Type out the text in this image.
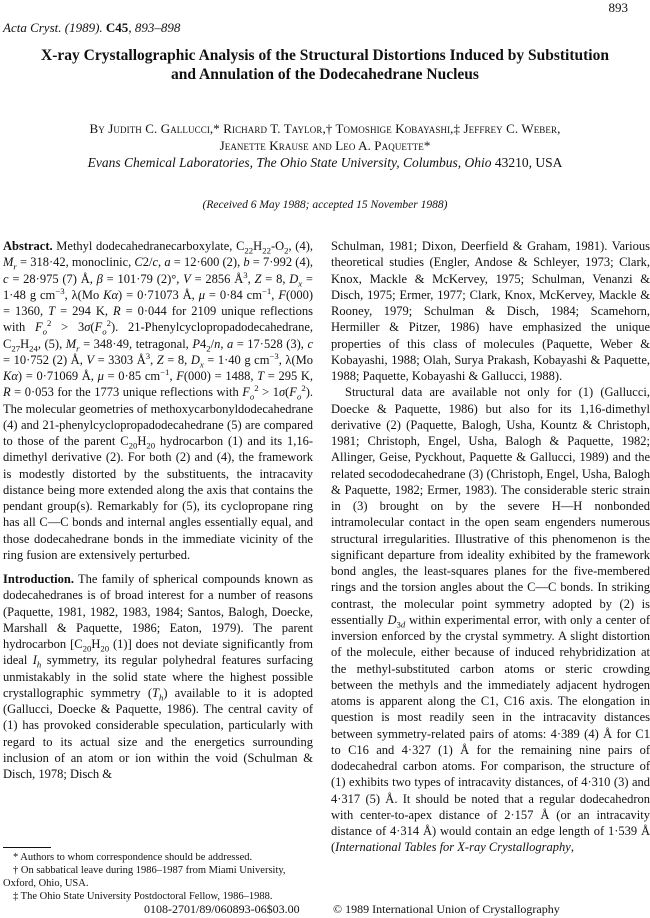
893
Acta Cryst. (1989). C45, 893–898
X-ray Crystallographic Analysis of the Structural Distortions Induced by Substitution
and Annulation of the Dodecahedrane Nucleus
By Judith C. Gallucci,* Richard T. Taylor,† Tomoshige Kobayashi,‡ Jeffrey C. Weber,
Jeanette Krause and Leo A. Paquette*
Evans Chemical Laboratories, The Ohio State University, Columbus, Ohio 43210, USA
(Received 6 May 1988; accepted 15 November 1988)

Abstract. Methyl dodecahedranecarboxylate, $C_{22}H_{22}-O_2$, (4), $M_r = 318\cdot 42$, monoclinic, C2/c, a = 12·600 (2), b = 7·992 (4), c = 28·975 (7) Å, β = 101·79 (2)°, V = 2856 $Å^3$, Z = 8, $D_x = 1\cdot 48$ g $cm^{-3}$, λ(Mo Kα) = 0·71073 Å, μ = 0·84 $cm^{-1}$, F(000) = 1360, T = 294 K, R = 0·044 for 2109 unique reflections with $F_o^2 > 3\sigma(F_o^2)$. 21-Phenylcyclopropadodecahedrane, $C_{27}H_{24}$, (5), $M_r = 348\cdot 49$, tetragonal, $P4_2/n$, a = 17·528 (3), c = 10·752 (2) Å, V = 3303 $Å^3$, Z = 8, $D_x = 1\cdot 40$ g $cm^{-3}$, λ(Mo Kα) = 0·71069 Å, μ = 0·85 $cm^{-1}$, F(000) = 1488, T = 295 K, R = 0·053 for the 1773 unique reflections with $F_o^2 > 1\sigma(F_o^2)$. The molecular geometries of methoxycarbonyldodecahedrane (4) and 21-phenylcyclopropadodecahedrane (5) are compared to those of the parent $C_{20}H_{20}$ hydrocarbon (1) and its 1,16-dimethyl derivative (2). For both (2) and (4), the framework is modestly distorted by the substituents, the intracavity distance being more extended along the axis that contains the pendant group(s). Remarkably for (5), its cyclopropane ring has all C—C bonds and internal angles essentially equal, and those dodecahedrane bonds in the immediate vicinity of the ring fusion are extensively perturbed.

Introduction. The family of spherical compounds known as dodecahedranes is of broad interest for a number of reasons (Paquette, 1981, 1982, 1983, 1984; Santos, Balogh, Doecke, Marshall & Paquette, 1986; Eaton, 1979). The parent hydrocarbon [$C_{20}H_{20}$ (1)] does not deviate significantly from ideal $I_h$ symmetry, its regular polyhedral features surfacing unmistakably in the solid state where the highest possible crystallographic symmetry $(T_h)$ available to it is adopted (Gallucci, Doecke & Paquette, 1986). The central cavity of (1) has provoked considerable speculation, particularly with regard to its actual size and the energetics surrounding inclusion of an atom or ion within the void (Schulman & Disch, 1978; Disch &

* Authors to whom correspondence should be addressed.
† On sabbatical leave during 1986–1987 from Miami University, Oxford, Ohio, USA.
‡ The Ohio State University Postdoctoral Fellow, 1986–1988.

Schulman, 1981; Dixon, Deerfield & Graham, 1981). Various theoretical studies (Engler, Andose & Schleyer, 1973; Clark, Knox, Mackle & McKervey, 1975; Schulman, Venanzi & Disch, 1975; Ermer, 1977; Clark, Knox, McKervey, Mackle & Rooney, 1979; Schulman & Disch, 1984; Scamehorn, Hermiller & Pitzer, 1986) have emphasized the unique properties of this class of molecules (Paquette, Weber & Kobayashi, 1988; Olah, Surya Prakash, Kobayashi & Paquette, 1988; Paquette, Kobayashi & Gallucci, 1988).

Structural data are available not only for (1) (Gallucci, Doecke & Paquette, 1986) but also for its 1,16-dimethyl derivative (2) (Paquette, Balogh, Usha, Kountz & Christoph, 1981; Christoph, Engel, Usha, Balogh & Paquette, 1982; Allinger, Geise, Pyckhout, Paquette & Gallucci, 1989) and the related secododecahedrane (3) (Christoph, Engel, Usha, Balogh & Paquette, 1982; Ermer, 1983). The considerable steric strain in (3) brought on by the severe H—H nonbonded intramolecular contact in the open seam engenders numerous structural irregularities. Illustrative of this phenomenon is the significant departure from ideality exhibited by the framework bond angles, the least-squares planes for the five-membered rings and the torsion angles about the C—C bonds. In striking contrast, the molecular point symmetry adopted by (2) is essentially $D_{3d}$ within experimental error, with only a center of inversion enforced by the crystal symmetry. A slight distortion of the molecule, either because of induced rehybridization at the methyl-substituted carbon atoms or steric crowding between the methyls and the immediately adjacent hydrogen atoms is apparent along the C1, C16 axis. The elongation in question is most readily seen in the intracavity distances between symmetry-related pairs of atoms: 4·389 (4) Å for C1 to C16 and 4·327 (1) Å for the remaining nine pairs of dodecahedral carbon atoms. For comparison, the structure of (1) exhibits two types of intracavity distances, of 4·310 (3) and 4·317 (5) Å. It should be noted that a regular dodecahedron with center-to-apex distance of 2·157 Å (or an intracavity distance of 4·314 Å) would contain an edge length of 1·539 Å (International Tables for X-ray Crystallography,

0108-2701/89/060893-06$03.00	© 1989 International Union of Crystallography
